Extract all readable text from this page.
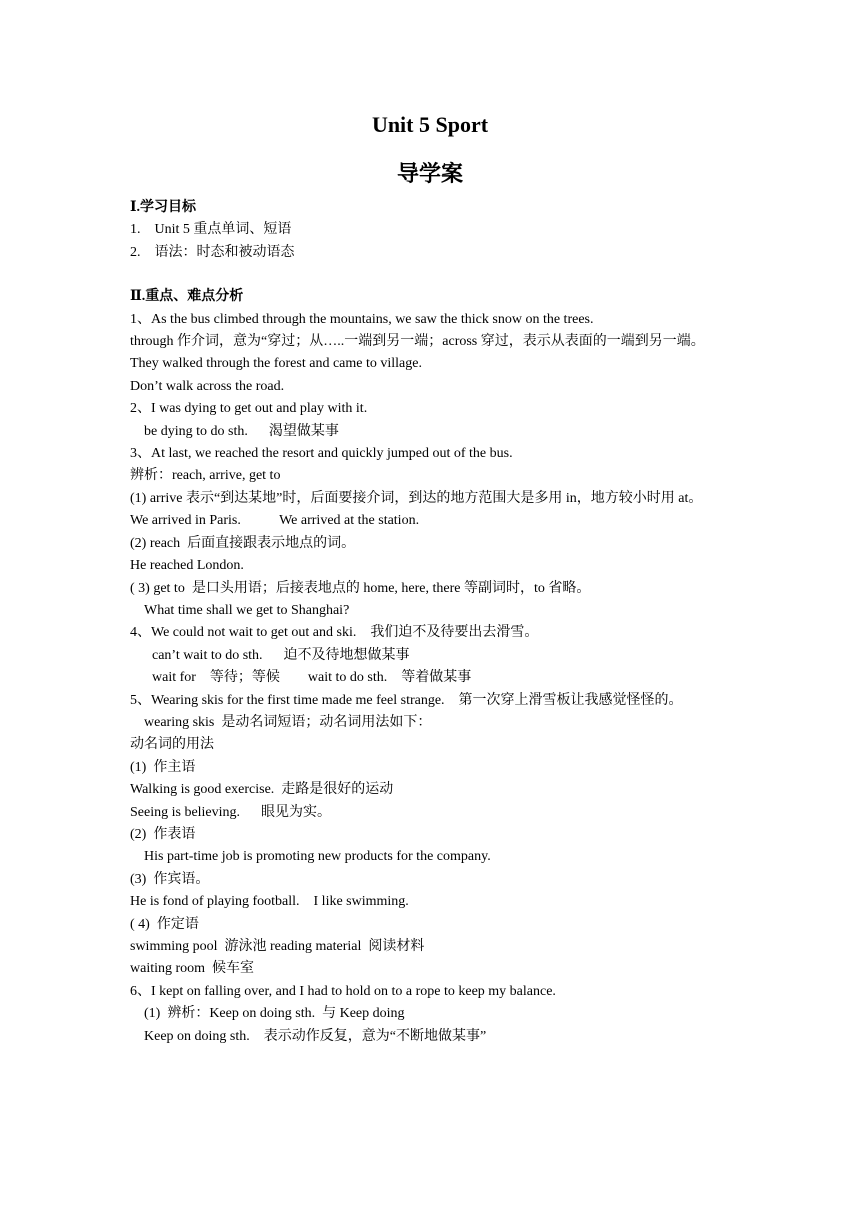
Unit 5 Sport
导学案

Ⅰ.学习目标

1.    Unit 5 重点单词、短语

2.    语法：时态和被动语态

Ⅱ.重点、难点分析

1、As the bus climbed through the mountains, we saw the thick snow on the trees.

through 作介词，意为“穿过；从…..一端到另一端；across 穿过，表示从表面的一端到另一端。

They walked through the forest and came to village.

Don’t walk across the road.

2、I was dying to get out and play with it.

be dying to do sth.      渴望做某事

3、At last, we reached the resort and quickly jumped out of the bus.

辨析：reach, arrive, get to

(1) arrive 表示“到达某地”时，后面要接介词，到达的地方范围大是多用 in，地方较小时用 at。

We arrived in Paris.           We arrived at the station.

(2) reach  后面直接跟表示地点的词。

He reached London.

( 3) get to  是口头用语；后接表地点的 home, here, there 等副词时，to 省略。

What time shall we get to Shanghai?

4、We could not wait to get out and ski.    我们迫不及待要出去滑雪。

can’t wait to do sth.      迫不及待地想做某事

wait for    等待；等候        wait to do sth.    等着做某事

5、Wearing skis for the first time made me feel strange.    第一次穿上滑雪板让我感觉怪怪的。

wearing skis  是动名词短语；动名词用法如下：

动名词的用法

(1)  作主语

Walking is good exercise.  走路是很好的运动

Seeing is believing.      眼见为实。

(2)  作表语

His part-time job is promoting new products for the company.

(3)  作宾语。

He is fond of playing football.    I like swimming.

( 4)  作定语

swimming pool  游泳池 reading material  阅读材料

waiting room  候车室

6、I kept on falling over, and I had to hold on to a rope to keep my balance.

(1)  辨析：Keep on doing sth.  与 Keep doing

Keep on doing sth.    表示动作反复，意为“不断地做某事”
